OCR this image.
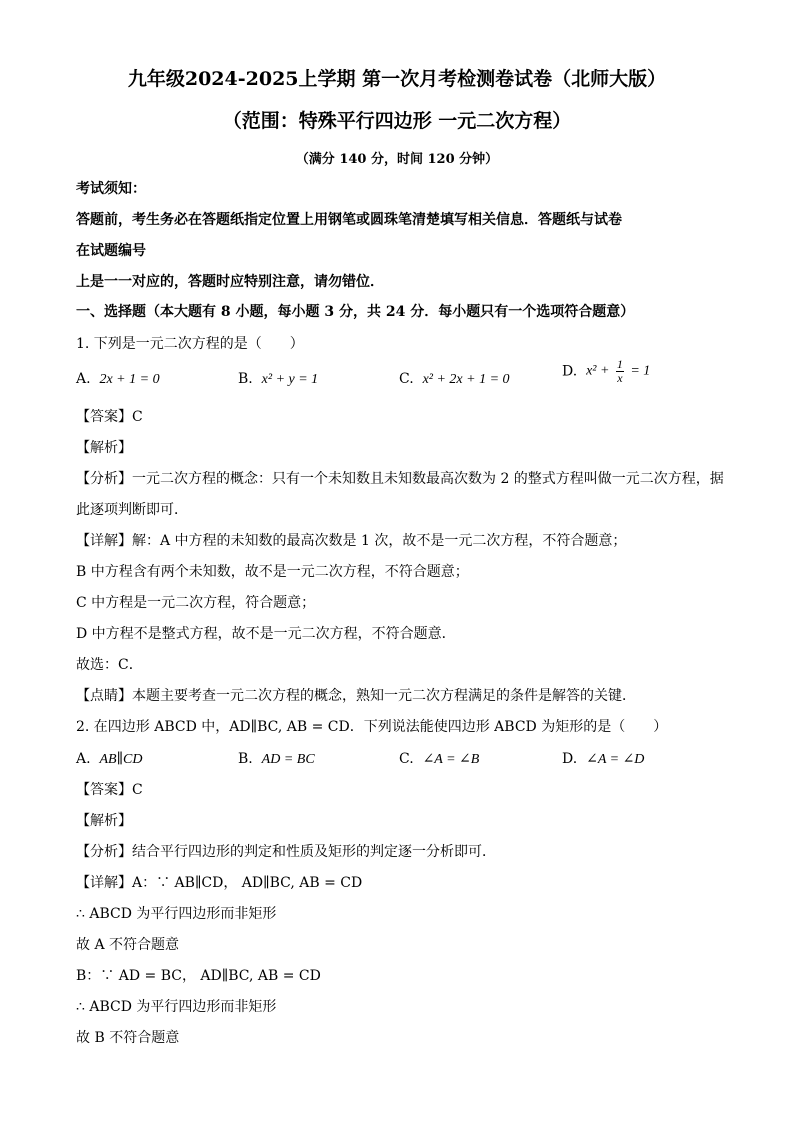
九年级2024-2025上学期 第一次月考检测卷试卷（北师大版）
（范围：特殊平行四边形 一元二次方程）
（满分 140 分，时间 120 分钟）
考试须知：
答题前，考生务必在答题纸指定位置上用钢笔或圆珠笔清楚填写相关信息．答题纸与试卷
在试题编号
上是一一对应的，答题时应特别注意，请勿错位．
一、选择题（本大题有 8 小题，每小题 3 分，共 24 分．每小题只有一个选项符合题意）
1. 下列是一元二次方程的是（　　）
A. 2x + 1 = 0	B. x² + y = 1	C. x² + 2x + 1 = 0	D. $x^2 + \frac{1}{x} = 1$
【答案】C
【解析】
【分析】一元二次方程的概念：只有一个未知数且未知数最高次数为 2 的整式方程叫做一元二次方程，据
此逐项判断即可．
【详解】解：A 中方程的未知数的最高次数是 1 次，故不是一元二次方程，不符合题意；
B 中方程含有两个未知数，故不是一元二次方程，不符合题意；
C 中方程是一元二次方程，符合题意；
D 中方程不是整式方程，故不是一元二次方程，不符合题意．
故选：C．
【点睛】本题主要考查一元二次方程的概念，熟知一元二次方程满足的条件是解答的关键．
2. 在四边形 ABCD 中，AD∥BC, AB = CD．下列说法能使四边形 ABCD 为矩形的是（　　）
A. AB∥CD	B. AD = BC	C. ∠A = ∠B	D. ∠A = ∠D
【答案】C
【解析】
【分析】结合平行四边形的判定和性质及矩形的判定逐一分析即可．
【详解】A：∵ AB∥CD， AD∥BC, AB = CD
∴ ABCD 为平行四边形而非矩形
故 A 不符合题意
B：∵ AD = BC， AD∥BC, AB = CD
∴ ABCD 为平行四边形而非矩形
故 B 不符合题意
